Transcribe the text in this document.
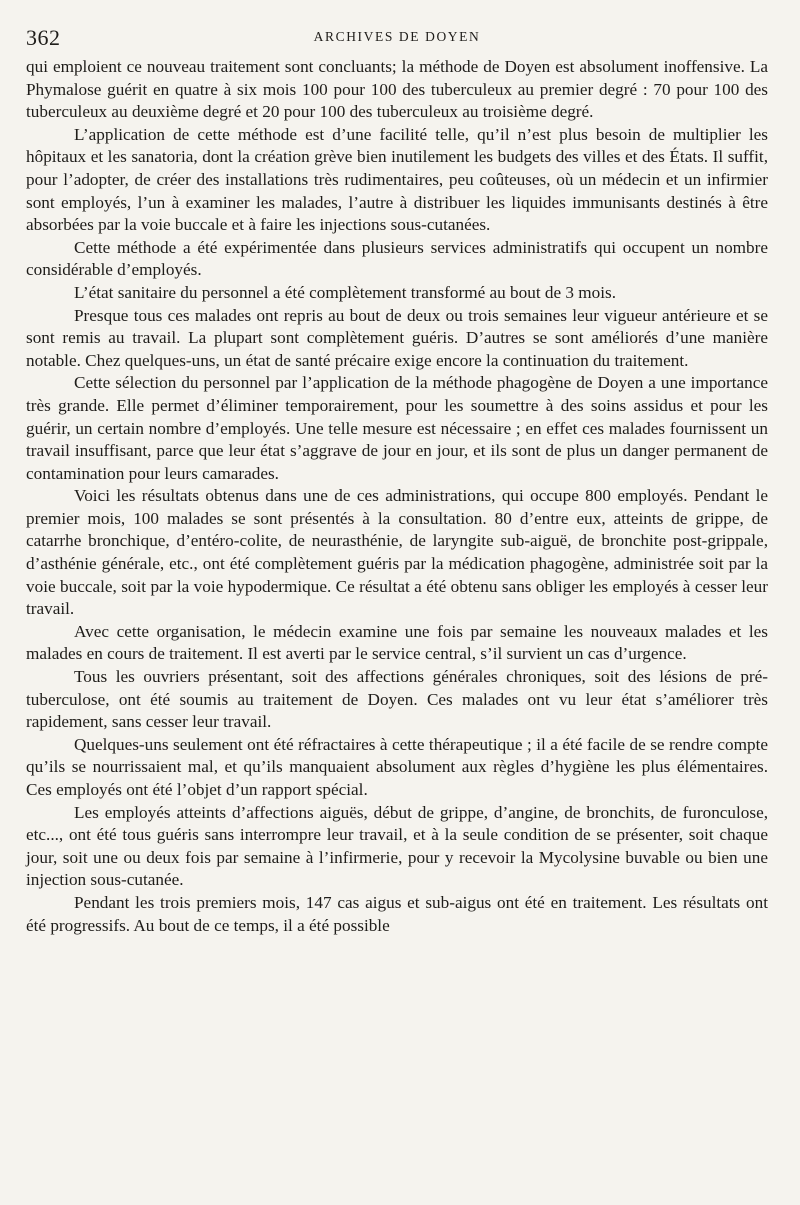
362	ARCHIVES DE DOYEN

qui emploient ce nouveau traitement sont concluants; la méthode de Doyen est absolument inoffensive. La Phymalose guérit en quatre à six mois 100 pour 100 des tuberculeux au premier degré : 70 pour 100 des tuberculeux au deuxième degré et 20 pour 100 des tuberculeux au troisième degré.

L’application de cette méthode est d’une facilité telle, qu’il n’est plus besoin de multiplier les hôpitaux et les sanatoria, dont la création grève bien inutilement les budgets des villes et des États. Il suffit, pour l’adopter, de créer des installations très rudimentaires, peu coûteuses, où un médecin et un infirmier sont employés, l’un à examiner les malades, l’autre à distribuer les liquides immunisants destinés à être absorbées par la voie buccale et à faire les injections sous-cutanées.

Cette méthode a été expérimentée dans plusieurs services administratifs qui occupent un nombre considérable d’employés.

L’état sanitaire du personnel a été complètement transformé au bout de 3 mois.

Presque tous ces malades ont repris au bout de deux ou trois semaines leur vigueur antérieure et se sont remis au travail. La plupart sont complètement guéris. D’autres se sont améliorés d’une manière notable. Chez quelques-uns, un état de santé précaire exige encore la continuation du traitement.

Cette sélection du personnel par l’application de la méthode phagogène de Doyen a une importance très grande. Elle permet d’éliminer temporairement, pour les soumettre à des soins assidus et pour les guérir, un certain nombre d’employés. Une telle mesure est nécessaire ; en effet ces malades fournissent un travail insuffisant, parce que leur état s’aggrave de jour en jour, et ils sont de plus un danger permanent de contamination pour leurs camarades.

Voici les résultats obtenus dans une de ces administrations, qui occupe 800 employés. Pendant le premier mois, 100 malades se sont présentés à la consultation. 80 d’entre eux, atteints de grippe, de catarrhe bronchique, d’entéro-colite, de neurasthénie, de laryngite sub-aiguë, de bronchite post-grippale, d’asthénie générale, etc., ont été complètement guéris par la médication phagogène, administrée soit par la voie buccale, soit par la voie hypodermique. Ce résultat a été obtenu sans obliger les employés à cesser leur travail.

Avec cette organisation, le médecin examine une fois par semaine les nouveaux malades et les malades en cours de traitement. Il est averti par le service central, s’il survient un cas d’urgence.

Tous les ouvriers présentant, soit des affections générales chroniques, soit des lésions de pré-tuberculose, ont été soumis au traitement de Doyen. Ces malades ont vu leur état s’améliorer très rapidement, sans cesser leur travail.

Quelques-uns seulement ont été réfractaires à cette thérapeutique ; il a été facile de se rendre compte qu’ils se nourrissaient mal, et qu’ils manquaient absolument aux règles d’hygiène les plus élémentaires. Ces employés ont été l’objet d’un rapport spécial.

Les employés atteints d’affections aiguës, début de grippe, d’angine, de bronchits, de furonculose, etc..., ont été tous guéris sans interrompre leur travail, et à la seule condition de se présenter, soit chaque jour, soit une ou deux fois par semaine à l’infirmerie, pour y recevoir la Mycolysine buvable ou bien une injection sous-cutanée.

Pendant les trois premiers mois, 147 cas aigus et sub-aigus ont été en traitement. Les résultats ont été progressifs. Au bout de ce temps, il a été possible
